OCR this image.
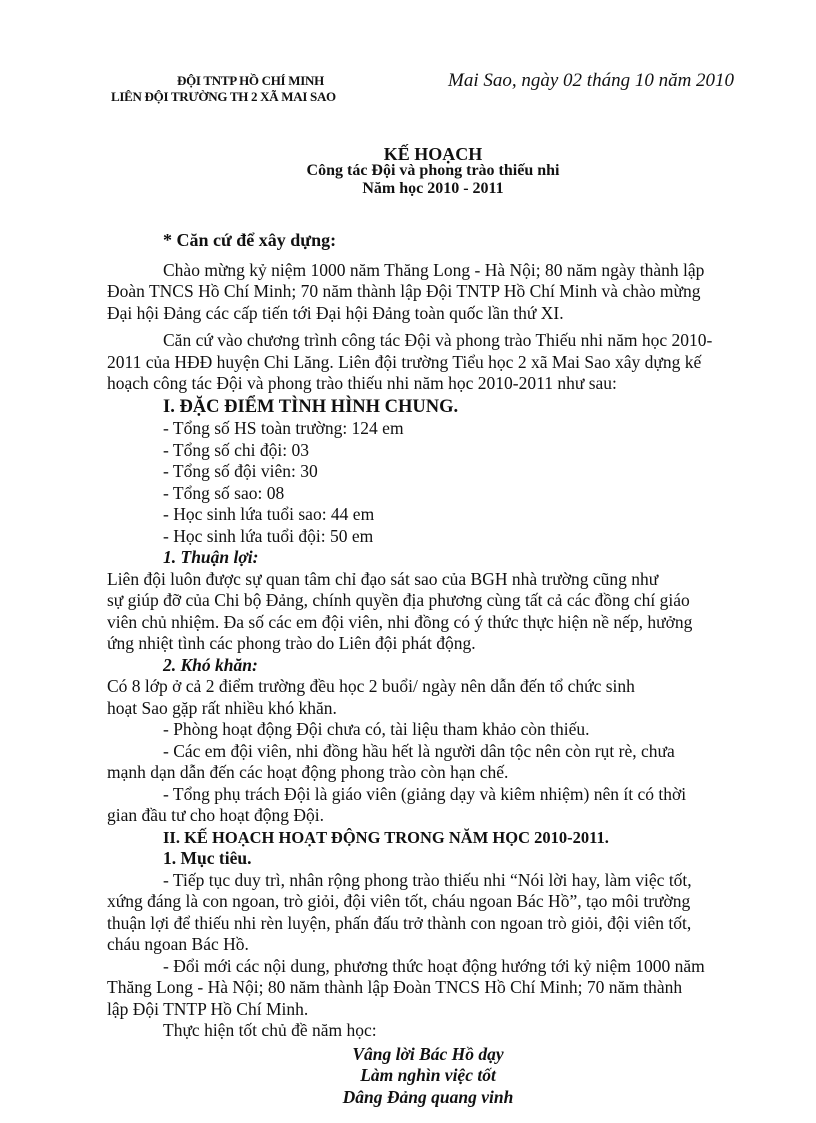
ĐỘI TNTP HỒ CHÍ MINH
LIÊN ĐỘI TRƯỜNG TH 2 XÃ MAI SAO
Mai Sao, ngày 02 tháng 10 năm 2010
KẾ HOẠCH
Công tác Đội và phong trào thiếu nhi
Năm học 2010 - 2011

* Căn cứ để xây dựng:

Chào mừng kỷ niệm 1000 năm Thăng Long - Hà Nội; 80 năm ngày thành lập
Đoàn TNCS Hồ Chí Minh; 70 năm thành lập Đội TNTP Hồ Chí Minh và chào mừng
Đại hội Đảng các cấp tiến tới Đại hội Đảng toàn quốc lần thứ XI.
Căn cứ vào chương trình công tác Đội và phong trào Thiếu nhi năm học 2010-
2011 của HĐĐ huyện Chi Lăng. Liên đội trường Tiểu học 2 xã Mai Sao xây dựng kế
hoạch công tác Đội và phong trào thiếu nhi năm học 2010-2011 như sau:

I. ĐẶC ĐIỂM TÌNH HÌNH CHUNG.

- Tổng số HS toàn trường: 124 em
- Tổng số chi đội: 03
- Tổng số đội viên: 30
- Tổng số sao: 08
- Học sinh lứa tuổi sao: 44 em
- Học sinh lứa tuổi đội: 50 em

1. Thuận lợi:

Liên đội luôn được sự quan tâm chỉ đạo sát sao của BGH nhà trường cũng như
sự giúp đỡ của Chi bộ Đảng, chính quyền địa phương cùng tất cả các đồng chí giáo
viên chủ nhiệm. Đa số các em đội viên, nhi đồng có ý thức thực hiện nề nếp, hưởng
ứng nhiệt tình các phong trào do Liên đội phát động.

2. Khó khăn:

Có 8 lớp ở cả 2 điểm trường đều học 2 buổi/ ngày nên dẫn đến tổ chức sinh
hoạt Sao gặp rất nhiều khó khăn.
- Phòng hoạt động Đội chưa có, tài liệu tham khảo còn thiếu.
- Các em đội viên, nhi đồng hầu hết là người dân tộc nên còn rụt rè, chưa
mạnh dạn dẫn đến các hoạt động phong trào còn hạn chế.
- Tổng phụ trách Đội là giáo viên (giảng dạy và kiêm nhiệm) nên ít có thời
gian đầu tư cho hoạt động Đội.

II. KẾ HOẠCH HOẠT ĐỘNG TRONG NĂM HỌC 2010-2011.

1. Mục tiêu.

- Tiếp tục duy trì, nhân rộng phong trào thiếu nhi “Nói lời hay, làm việc tốt,
xứng đáng là con ngoan, trò giỏi, đội viên tốt, cháu ngoan Bác Hồ”, tạo môi trường
thuận lợi để thiếu nhi rèn luyện, phấn đấu trở thành con ngoan trò giỏi, đội viên tốt,
cháu ngoan Bác Hồ.
- Đổi mới các nội dung, phương thức hoạt động hướng tới kỷ niệm 1000 năm
Thăng Long - Hà Nội; 80 năm thành lập Đoàn TNCS Hồ Chí Minh; 70 năm thành
lập Đội TNTP Hồ Chí Minh.

Thực hiện tốt chủ đề năm học:

Vâng lời Bác Hồ dạy
Làm nghìn việc tốt
Dâng Đảng quang vinh
